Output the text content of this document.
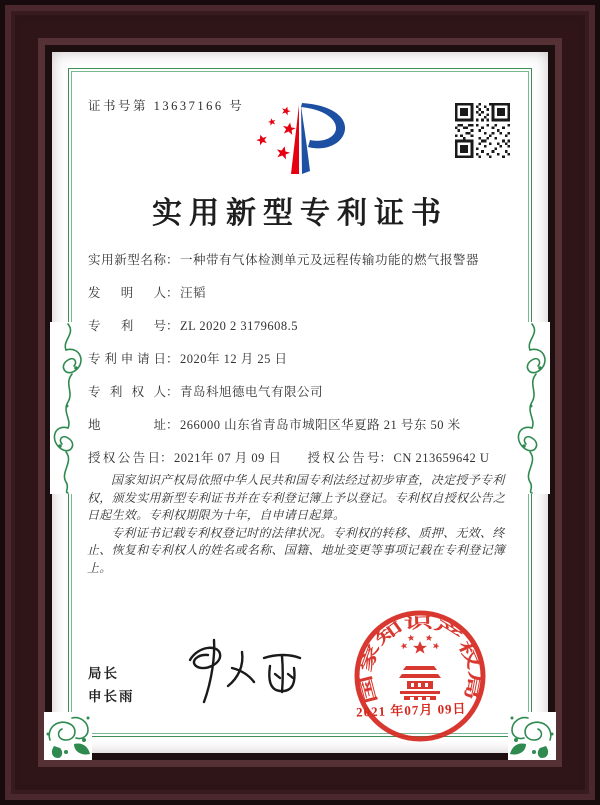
证书号第 13637166 号
实用新型专利证书
实用新型名称 ： 一种带有气体检测单元及远程传输功能的燃气报警器
发明人 ： 汪韬
专利号 ： ZL 2020 2 3179608.5
专利申请日 ： 2020年 12 月 25 日
专利权人 ： 青岛科旭德电气有限公司
地址 ： 266000 山东省青岛市城阳区华夏路 21 号东 50 米
授权公告日 ： 2021年 07 月 09 日 授权公告号 ： CN 213659642 U

国家知识产权局依照中华人民共和国专利法经过初步审查，决定授予专利权，颁发实用新型专利证书并在专利登记簿上予以登记。专利权自授权公告之日起生效。专利权期限为十年，自申请日起算。

专利证书记载专利权登记时的法律状况。专利权的转移、质押、无效、终止、恢复和专利权人的姓名或名称、国籍、地址变更等事项记载在专利登记簿上。

局长
申长雨	国家知识产权局
2021 年07月 09日
